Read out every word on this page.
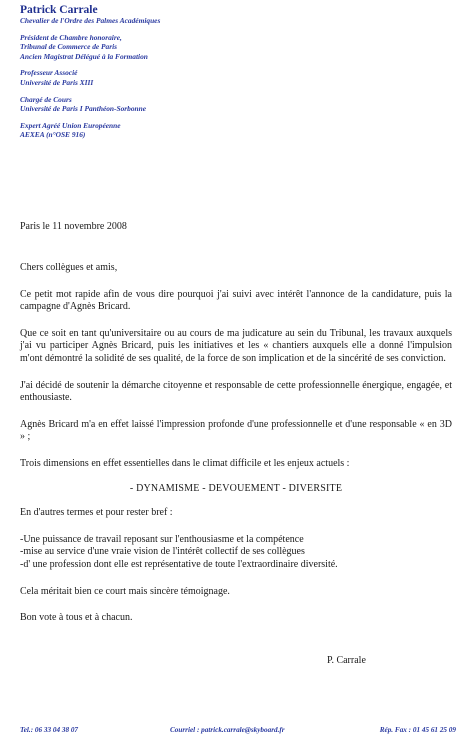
Patrick Carrale
Chevalier de l'Ordre des Palmes Académiques
Président de Chambre honoraire,
Tribunal de Commerce de Paris
Ancien Magistrat Délégué à la Formation
Professeur Associé
Université de Paris XIII
Chargé de Cours
Université de Paris I Panthéon-Sorbonne
Expert Agréé Union Européenne
AEXEA (n°OSE 916)
Paris le 11 novembre 2008

Chers collègues et amis,

Ce petit mot rapide afin de vous dire pourquoi j'ai suivi avec intérêt l'annonce de la candidature, puis la campagne d'Agnès Bricard.

Que ce soit en tant qu'universitaire ou au cours de ma judicature au sein du Tribunal, les travaux auxquels j'ai vu participer Agnès Bricard, puis les initiatives et les « chantiers auxquels elle a donné l'impulsion m'ont démontré la solidité de ses qualité, de la force de son implication et de la sincérité de ses conviction.

J'ai décidé de soutenir la démarche citoyenne et responsable de cette professionnelle énergique, engagée, et enthousiaste.

Agnès Bricard m'a en effet laissé l'impression profonde d'une professionnelle et d'une responsable « en 3D » ;

Trois dimensions en effet essentielles dans le climat difficile et les enjeux actuels :

- DYNAMISME - DEVOUEMENT - DIVERSITE

En d'autres termes et pour rester bref :

-Une puissance de travail reposant sur l'enthousiasme et la compétence
-mise au service d'une vraie vision de l'intérêt collectif de ses collègues
-d' une profession dont elle est représentative de toute l'extraordinaire diversité.

Cela méritait bien ce court mais sincère témoignage.

Bon vote à tous et à chacun.

P. Carrale
Tel.: 06 33 04 38 07	Courriel : patrick.carrale@skyboard.fr	Rép. Fax : 01 45 61 25 09
